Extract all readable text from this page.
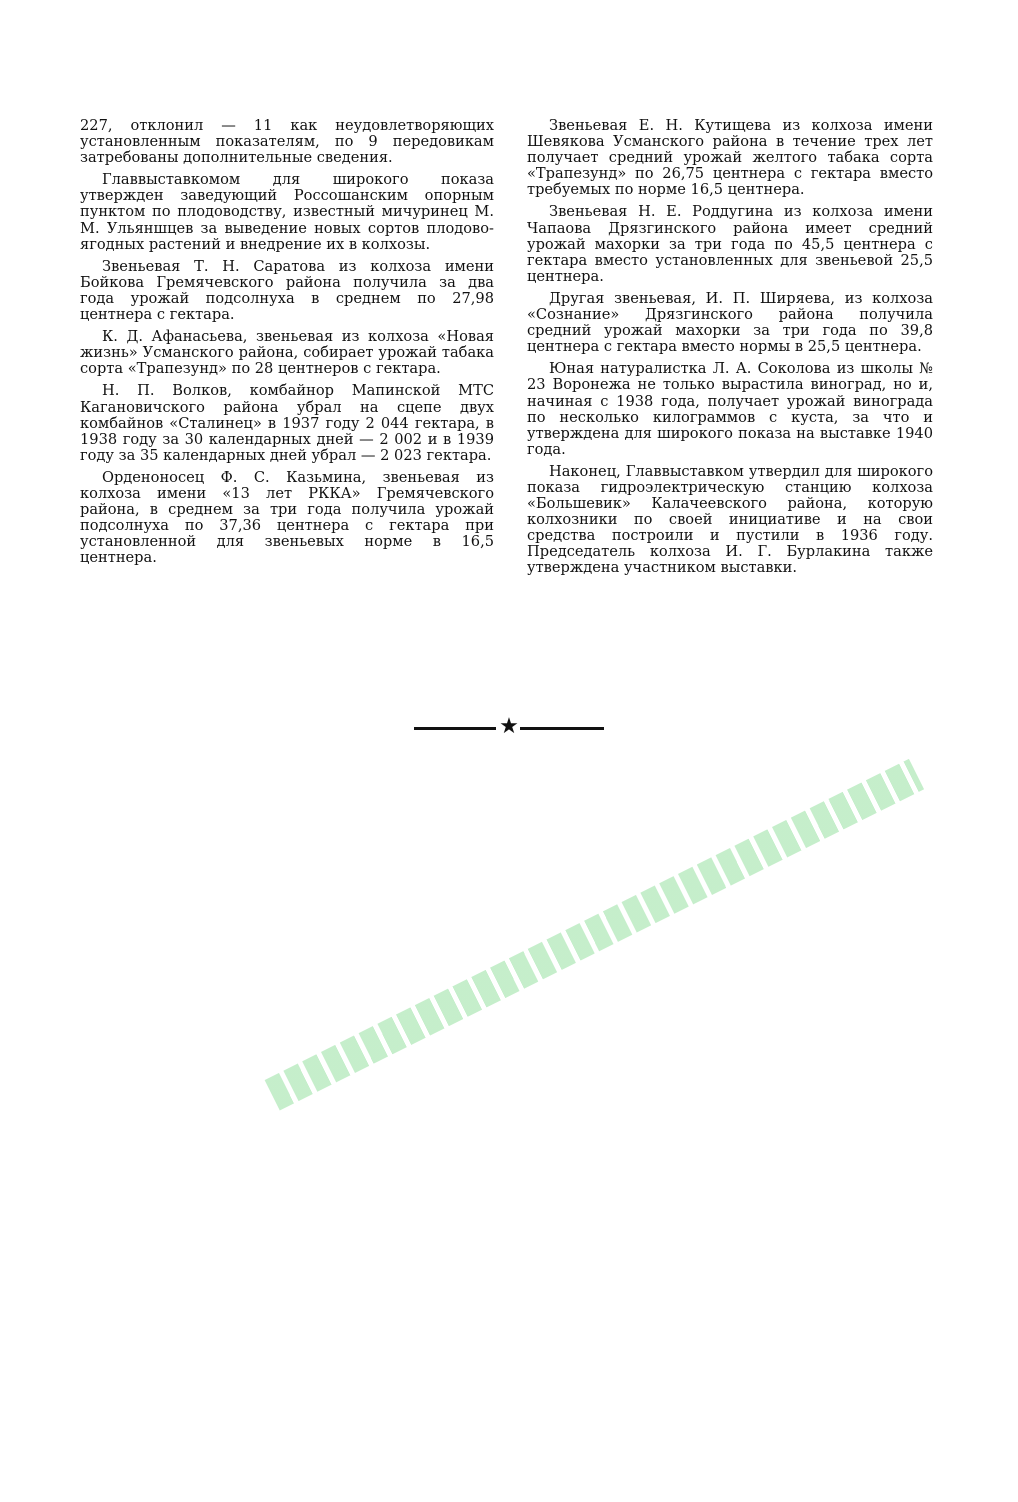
227, отклонил — 11 как неудовлетворяющих установленным показателям, по 9 передовикам затребованы дополнительные сведения.

Главвыставкомом для широкого показа утвержден заведующий Россошанским опорным пунктом по плодоводству, известный мичуринец М. М. Ульяншцев за выведение новых сортов плодово-ягодных растений и внедрение их в колхозы.

Звеньевая Т. Н. Саратова из колхоза имени Бойкова Гремячевского района получила за два года урожай подсолнуха в среднем по 27,98 центнера с гектара.

К. Д. Афанасьева, звеньевая из колхоза «Новая жизнь» Усманского района, собирает урожай табака сорта «Трапезунд» по 28 центнеров с гектара.

Н. П. Волков, комбайнор Мапинской МТС Кагановичского района убрал на сцепе двух комбайнов «Сталинец» в 1937 году 2 044 гектара, в 1938 году за 30 календарных дней — 2 002 и в 1939 году за 35 календарных дней убрал — 2 023 гектара.

Орденоносец Ф. С. Казьмина, звеньевая из колхоза имени «13 лет РККА» Гремячевского района, в среднем за три года получила урожай подсолнуха по 37,36 центнера с гектара при установленной для звеньевых норме в 16,5 центнера.

Звеньевая Е. Н. Кутищева из колхоза имени Шевякова Усманского района в течение трех лет получает средний урожай желтого табака сорта «Трапезунд» по 26,75 центнера с гектара вместо требуемых по норме 16,5 центнера.

Звеньевая Н. Е. Роддугина из колхоза имени Чапаова Дрязгинского района имеет средний урожай махорки за три года по 45,5 центнера с гектара вместо установленных для звеньевой 25,5 центнера.

Другая звеньевая, И. П. Ширяева, из колхоза «Сознание» Дрязгинского района получила средний урожай махорки за три года по 39,8 центнера с гектара вместо нормы в 25,5 центнера.

Юная натуралистка Л. А. Соколова из школы № 23 Воронежа не только вырастила виноград, но и, начиная с 1938 года, получает урожай винограда по несколько килограммов с куста, за что и утверждена для широкого показа на выставке 1940 года.

Наконец, Главвыставком утвердил для широкого показа гидроэлектрическую станцию колхоза «Большевик» Калачеевского района, которую колхозники по своей инициативе и на свои средства построили и пустили в 1936 году. Председатель колхоза И. Г. Бурлакина также утверждена участником выставки.

★
